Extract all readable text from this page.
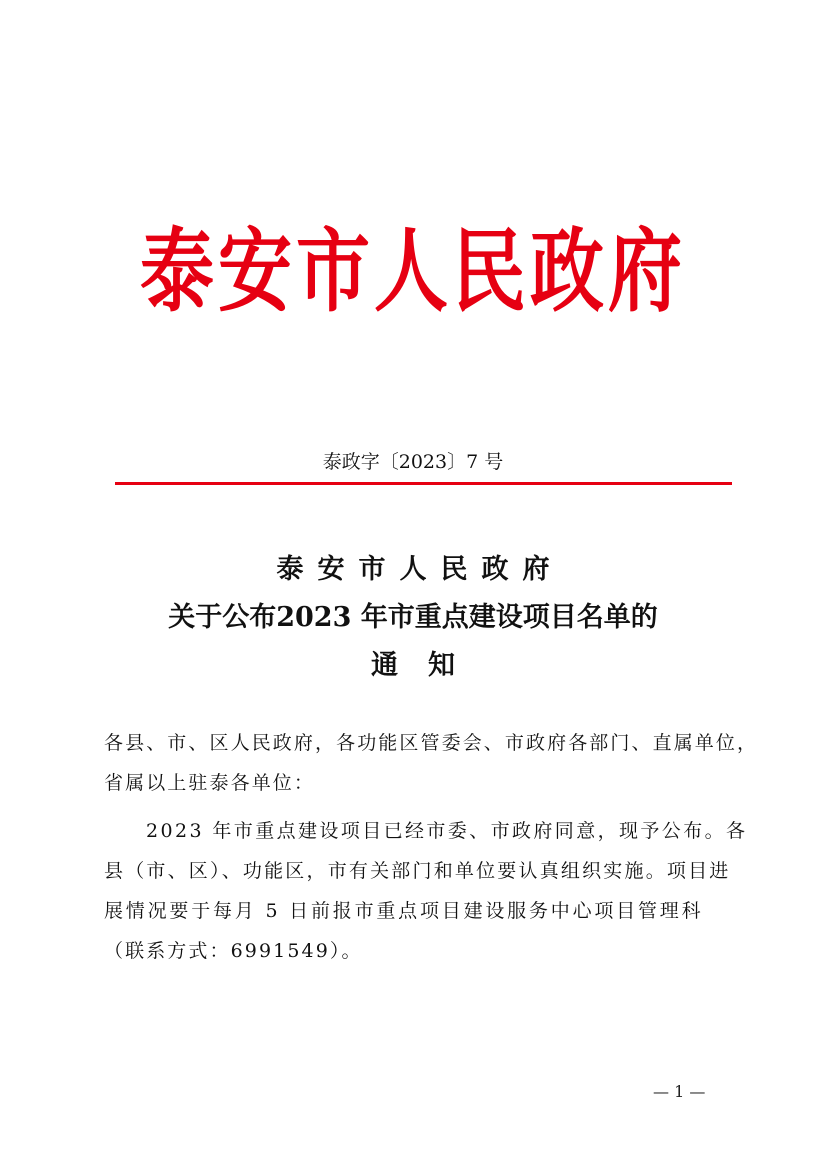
泰安市人民政府
泰政字〔2023〕7 号
泰安市人民政府
关于公布2023 年市重点建设项目名单的
通知
各县、市、区人民政府，各功能区管委会、市政府各部门、直属单位，
省属以上驻泰各单位：
2023 年市重点建设项目已经市委、市政府同意，现予公布。各
县（市、区）、功能区，市有关部门和单位要认真组织实施。项目进
展情况要于每月 5 日前报市重点项目建设服务中心项目管理科
（联系方式：6991549）。
— 1 —
